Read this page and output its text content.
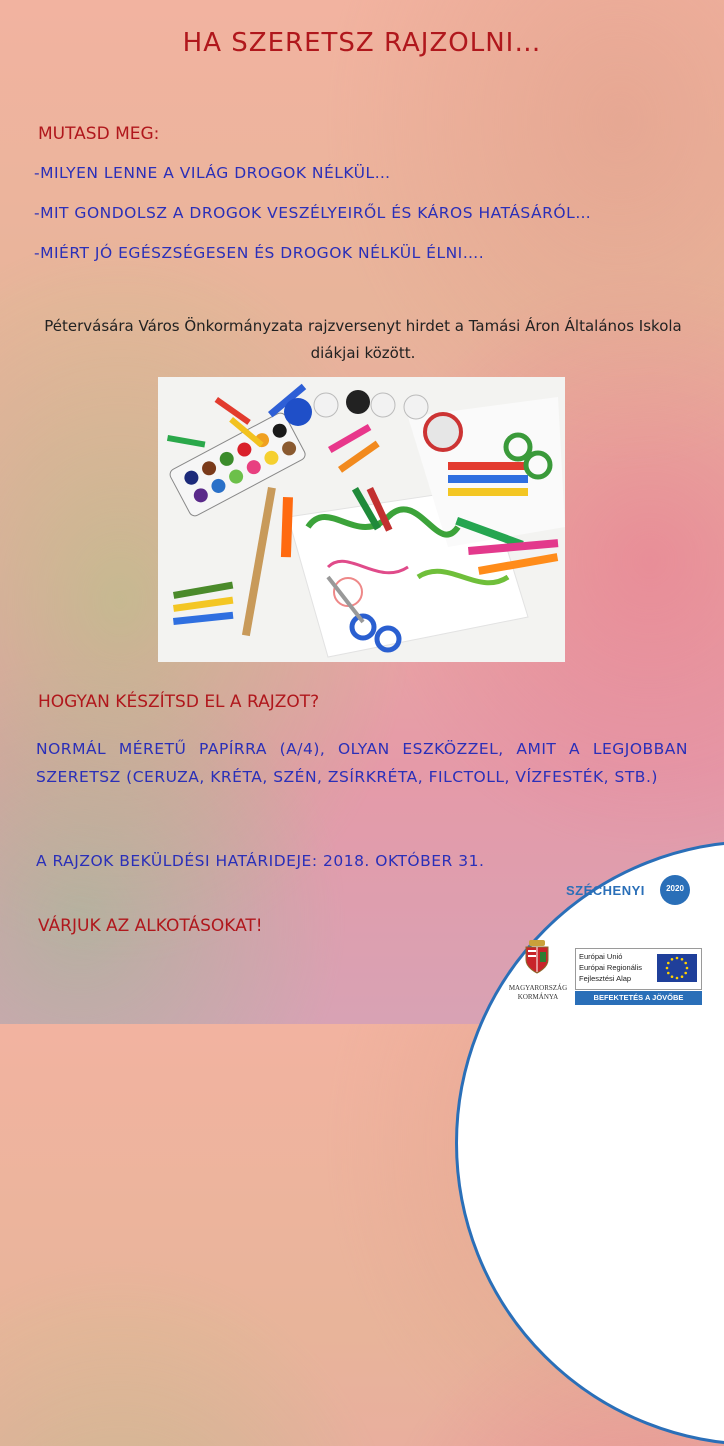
HA SZERETSZ RAJZOLNI…
MUTASD MEG:
-MILYEN LENNE A VILÁG DROGOK NÉLKÜL…
-MIT GONDOLSZ A DROGOK VESZÉLYEIRŐL ÉS KÁROS HATÁSÁRÓL…
-MIÉRT JÓ EGÉSZSÉGESEN ÉS DROGOK NÉLKÜL ÉLNI….
Pétervására Város Önkormányzata rajzversenyt hirdet a Tamási Áron Általános Iskola diákjai között.
HOGYAN KÉSZÍTSD EL A RAJZOT?
NORMÁL MÉRETŰ PAPÍRRA (A/4), OLYAN ESZKÖZZEL, AMIT A LEGJOBBAN SZERETSZ (CERUZA, KRÉTA, SZÉN, ZSÍRKRÉTA, FILCTOLL, VÍZFESTÉK, STB.)
A RAJZOK BEKÜLDÉSI HATÁRIDEJE: 2018. OKTÓBER 31.
VÁRJUK AZ ALKOTÁSOKAT!
SZÉCHENYI	2020
MAGYARORSZÁG
KORMÁNYA
Európai Unió
Európai Regionális
Fejlesztési Alap
BEFEKTETÉS A JÖVŐBE
